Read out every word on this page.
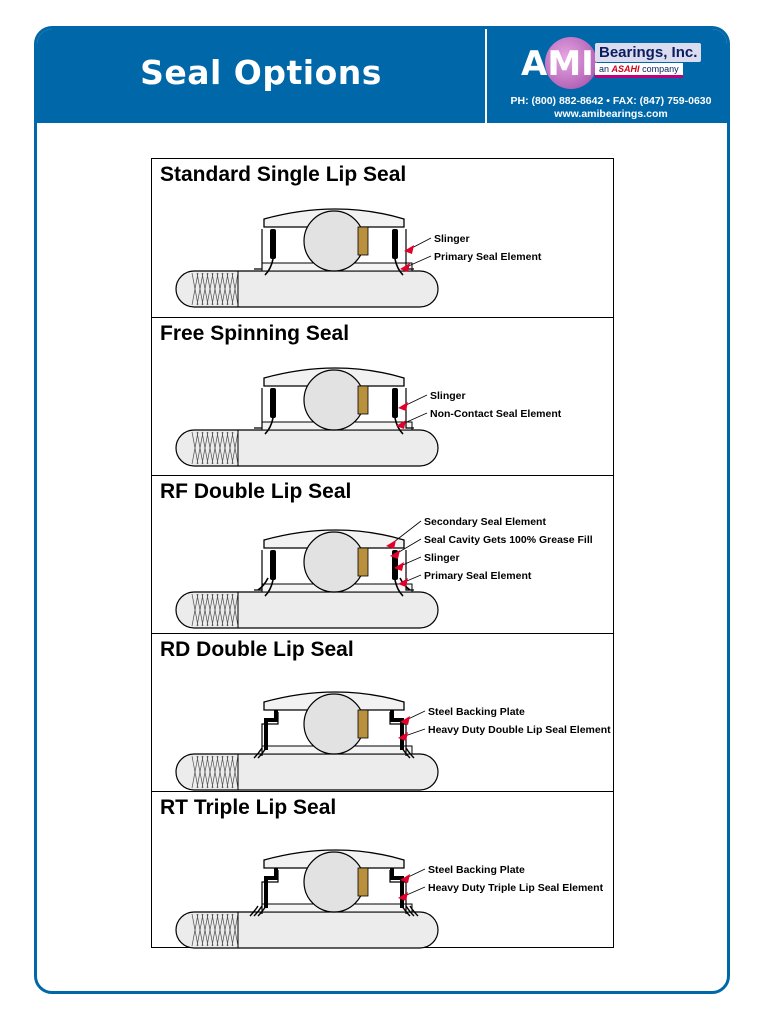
Seal Options	AMI Bearings, Inc.
an ASAHI company
PH: (800) 882-8642 • FAX: (847) 759-0630
www.amibearings.com
Standard Single Lip Seal
Slinger
Primary Seal Element
Free Spinning Seal
Slinger
Non-Contact Seal Element
RF Double Lip Seal
Secondary Seal Element
Seal Cavity Gets 100% Grease Fill
Slinger
Primary Seal Element
RD Double Lip Seal
Steel Backing Plate
Heavy Duty Double Lip Seal Element
RT Triple Lip Seal
Steel Backing Plate
Heavy Duty Triple Lip Seal Element
